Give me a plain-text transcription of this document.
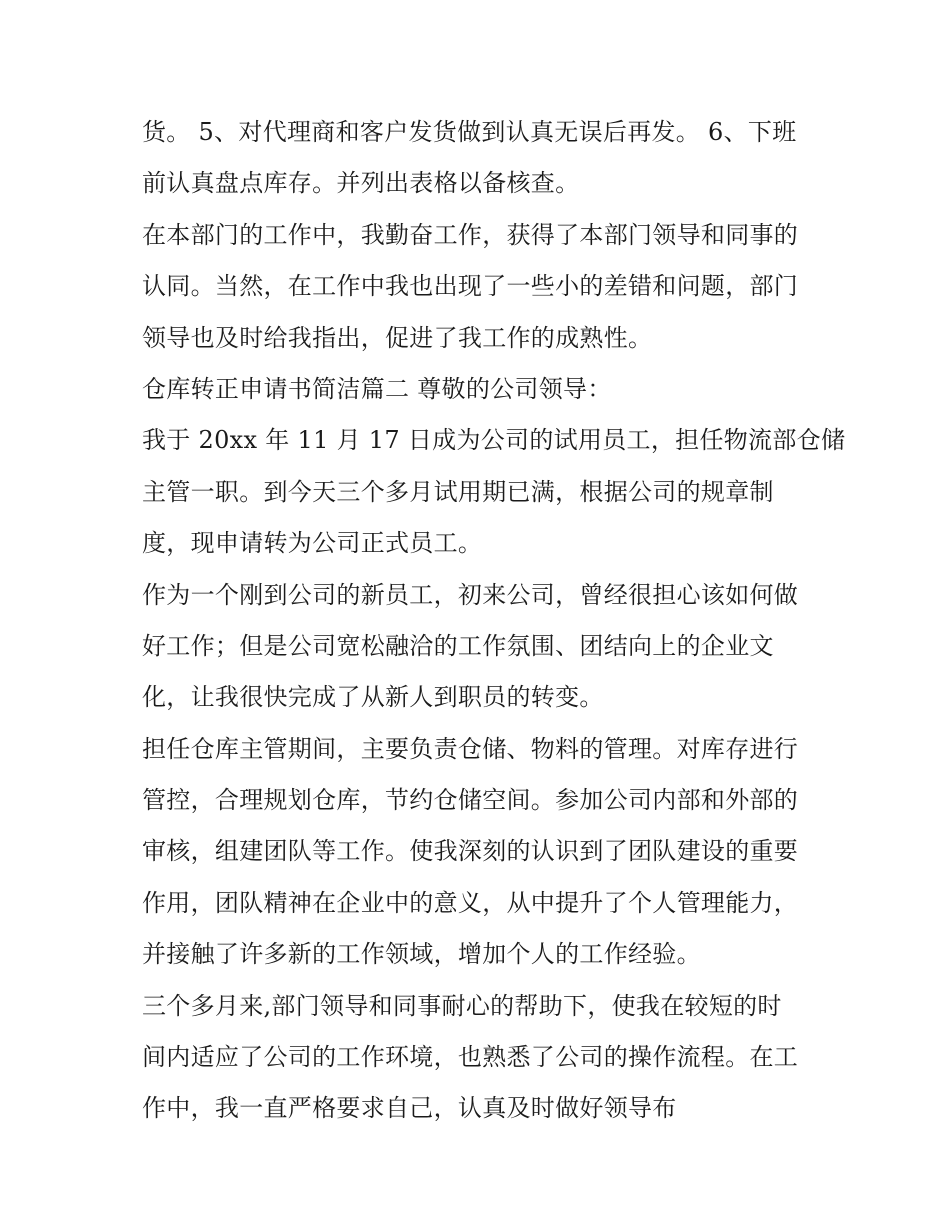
货。 5、对代理商和客户发货做到认真无误后再发。 6、下班
前认真盘点库存。并列出表格以备核查。
在本部门的工作中，我勤奋工作，获得了本部门领导和同事的
认同。当然，在工作中我也出现了一些小的差错和问题，部门
领导也及时给我指出，促进了我工作的成熟性。
仓库转正申请书简洁篇二 尊敬的公司领导：
我于 20xx 年 11 月 17 日成为公司的试用员工，担任物流部仓储
主管一职。到今天三个多月试用期已满，根据公司的规章制
度，现申请转为公司正式员工。
作为一个刚到公司的新员工，初来公司，曾经很担心该如何做
好工作；但是公司宽松融洽的工作氛围、团结向上的企业文
化，让我很快完成了从新人到职员的转变。
担任仓库主管期间，主要负责仓储、物料的管理。对库存进行
管控，合理规划仓库，节约仓储空间。参加公司内部和外部的
审核，组建团队等工作。使我深刻的认识到了团队建设的重要
作用，团队精神在企业中的意义，从中提升了个人管理能力，
并接触了许多新的工作领域，增加个人的工作经验。
三个多月来,部门领导和同事耐心的帮助下，使我在较短的时
间内适应了公司的工作环境，也熟悉了公司的操作流程。在工
作中，我一直严格要求自己，认真及时做好领导布
